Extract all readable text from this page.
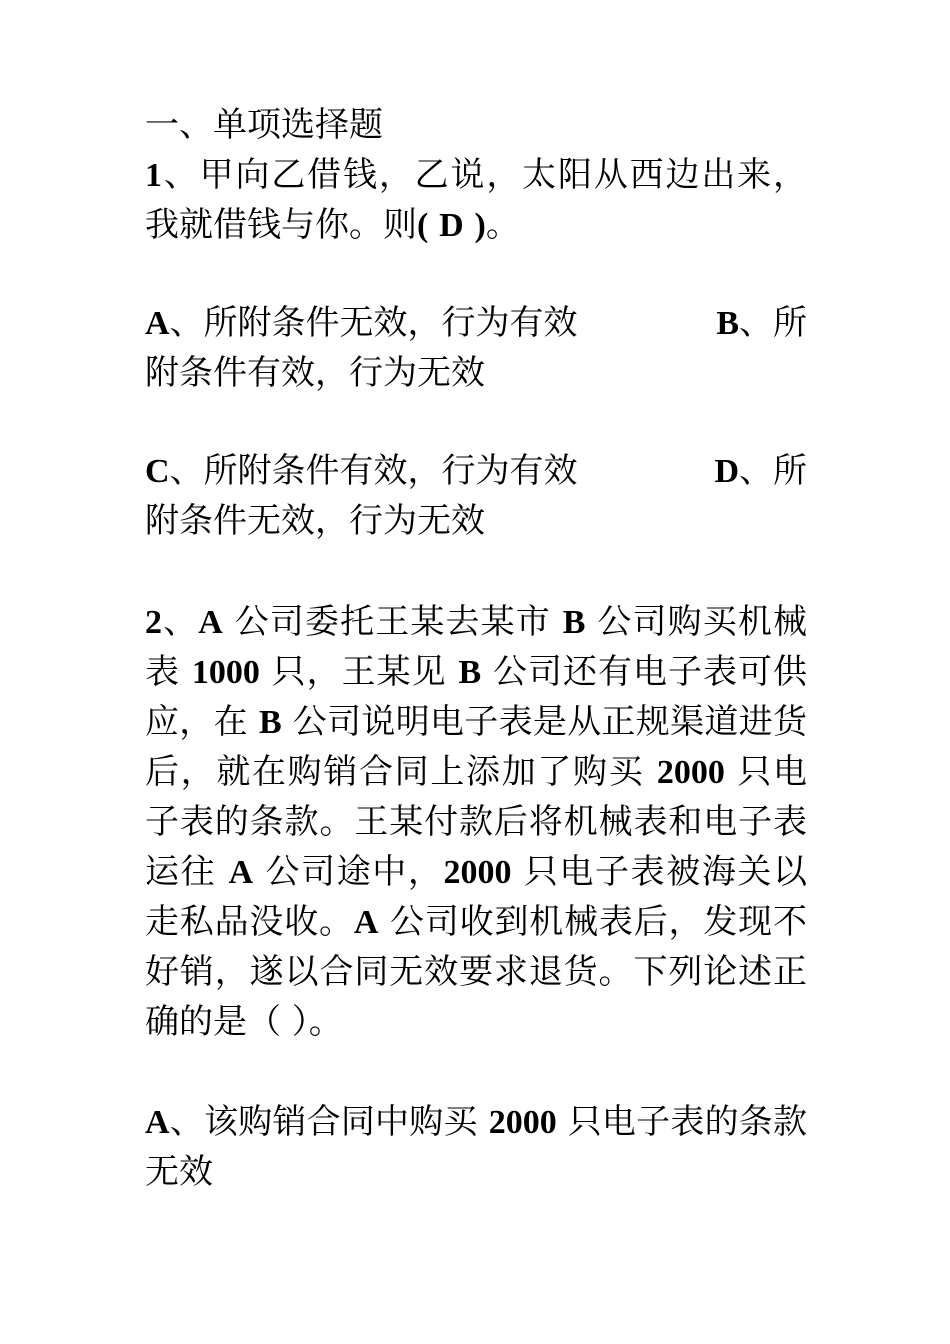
一、单项选择题
1、甲向乙借钱，乙说，太阳从西边出来，
我就借钱与你。则( D )。
A、所附条件无效，行为有效	B、所
附条件有效，行为无效
C、所附条件有效，行为有效	D、所
附条件无效，行为无效
2、A 公司委托王某去某市 B 公司购买机械
表 1000 只，王某见 B 公司还有电子表可供
应，在 B 公司说明电子表是从正规渠道进货
后，就在购销合同上添加了购买 2000 只电
子表的条款。王某付款后将机械表和电子表
运往 A 公司途中，2000 只电子表被海关以
走私品没收。A 公司收到机械表后，发现不
好销，遂以合同无效要求退货。下列论述正
确的是（ ）。
A、该购销合同中购买 2000 只电子表的条款
无效
